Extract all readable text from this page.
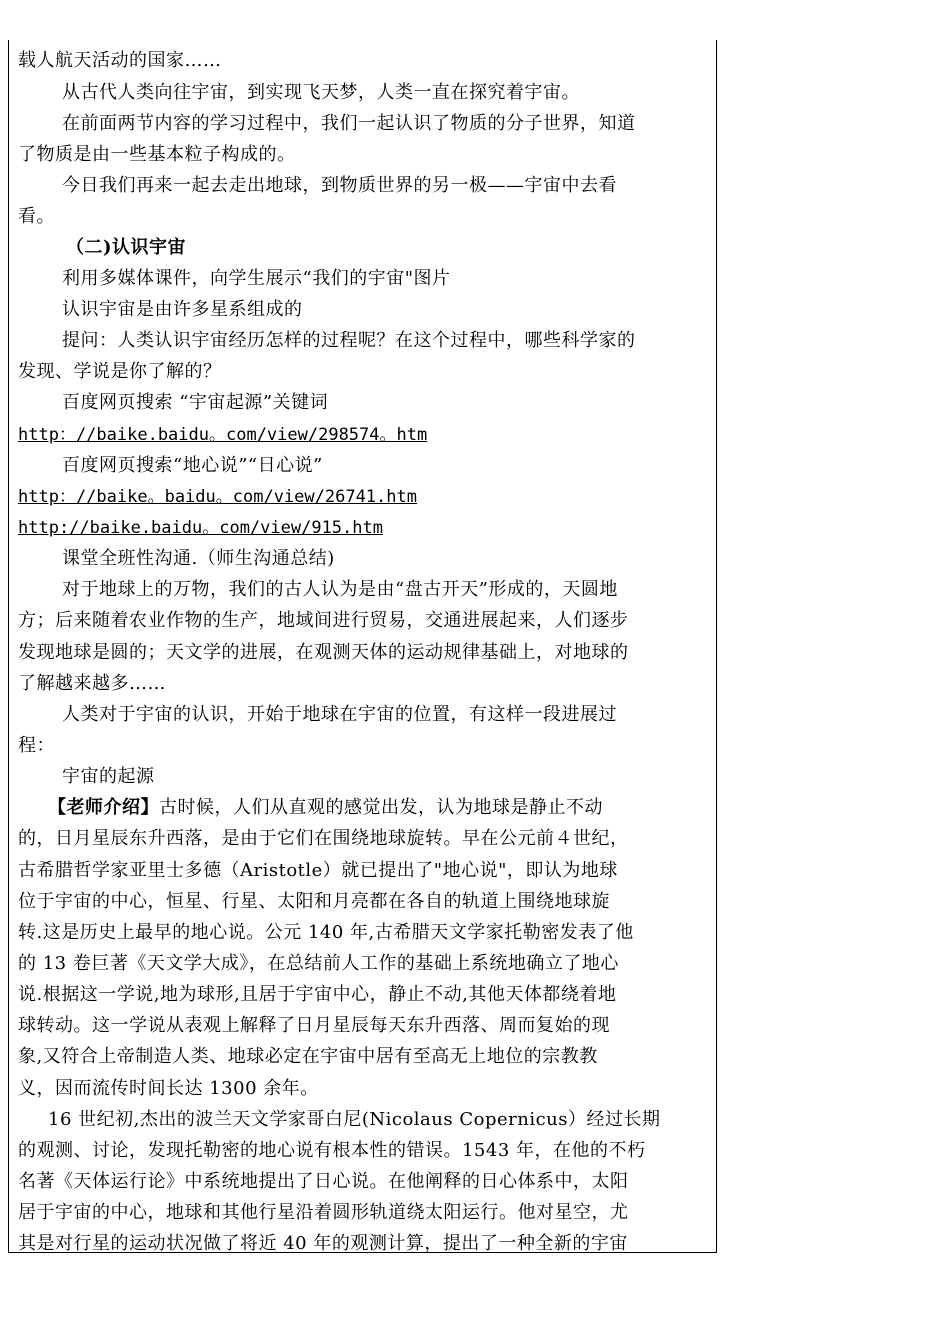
载人航天活动的国家……
从古代人类向往宇宙，到实现飞天梦，人类一直在探究着宇宙。
在前面两节内容的学习过程中，我们一起认识了物质的分子世界，知道
了物质是由一些基本粒子构成的。
今日我们再来一起去走出地球，到物质世界的另一极——宇宙中去看
看。
（二)认识宇宙
利用多媒体课件，向学生展示“我们的宇宙"图片
认识宇宙是由许多星系组成的
提问：人类认识宇宙经历怎样的过程呢？在这个过程中，哪些科学家的
发现、学说是你了解的？
百度网页搜索 “宇宙起源”关键词
http：//baike.baidu。com/view/298574。htm
百度网页搜索“地心说”“日心说”
http：//baike。baidu。com/view/26741.htm
http://baike.baidu。com/view/915.htm
课堂全班性沟通.（师生沟通总结)
对于地球上的万物，我们的古人认为是由“盘古开天”形成的，天圆地
方；后来随着农业作物的生产，地域间进行贸易，交通进展起来，人们逐步
发现地球是圆的；天文学的进展，在观测天体的运动规律基础上，对地球的
了解越来越多……
人类对于宇宙的认识，开始于地球在宇宙的位置，有这样一段进展过
程：
宇宙的起源
【老师介绍】古时候，人们从直观的感觉出发，认为地球是静止不动
的，日月星辰东升西落，是由于它们在围绕地球旋转。早在公元前４世纪，
古希腊哲学家亚里士多德（Aristotle）就已提出了"地心说"，即认为地球
位于宇宙的中心，恒星、行星、太阳和月亮都在各自的轨道上围绕地球旋
转.这是历史上最早的地心说。公元 140 年,古希腊天文学家托勒密发表了他
的 13 卷巨著《天文学大成》，在总结前人工作的基础上系统地确立了地心
说.根据这一学说,地为球形,且居于宇宙中心，静止不动,其他天体都绕着地
球转动。这一学说从表观上解释了日月星辰每天东升西落、周而复始的现
象,又符合上帝制造人类、地球必定在宇宙中居有至高无上地位的宗教教
义，因而流传时间长达 1300 余年。
16 世纪初,杰出的波兰天文学家哥白尼(Nicolaus Copernicus）经过长期
的观测、讨论，发现托勒密的地心说有根本性的错误。1543 年，在他的不朽
名著《天体运行论》中系统地提出了日心说。在他阐释的日心体系中，太阳
居于宇宙的中心，地球和其他行星沿着圆形轨道绕太阳运行。他对星空，尤
其是对行星的运动状况做了将近 40 年的观测计算，提出了一种全新的宇宙
